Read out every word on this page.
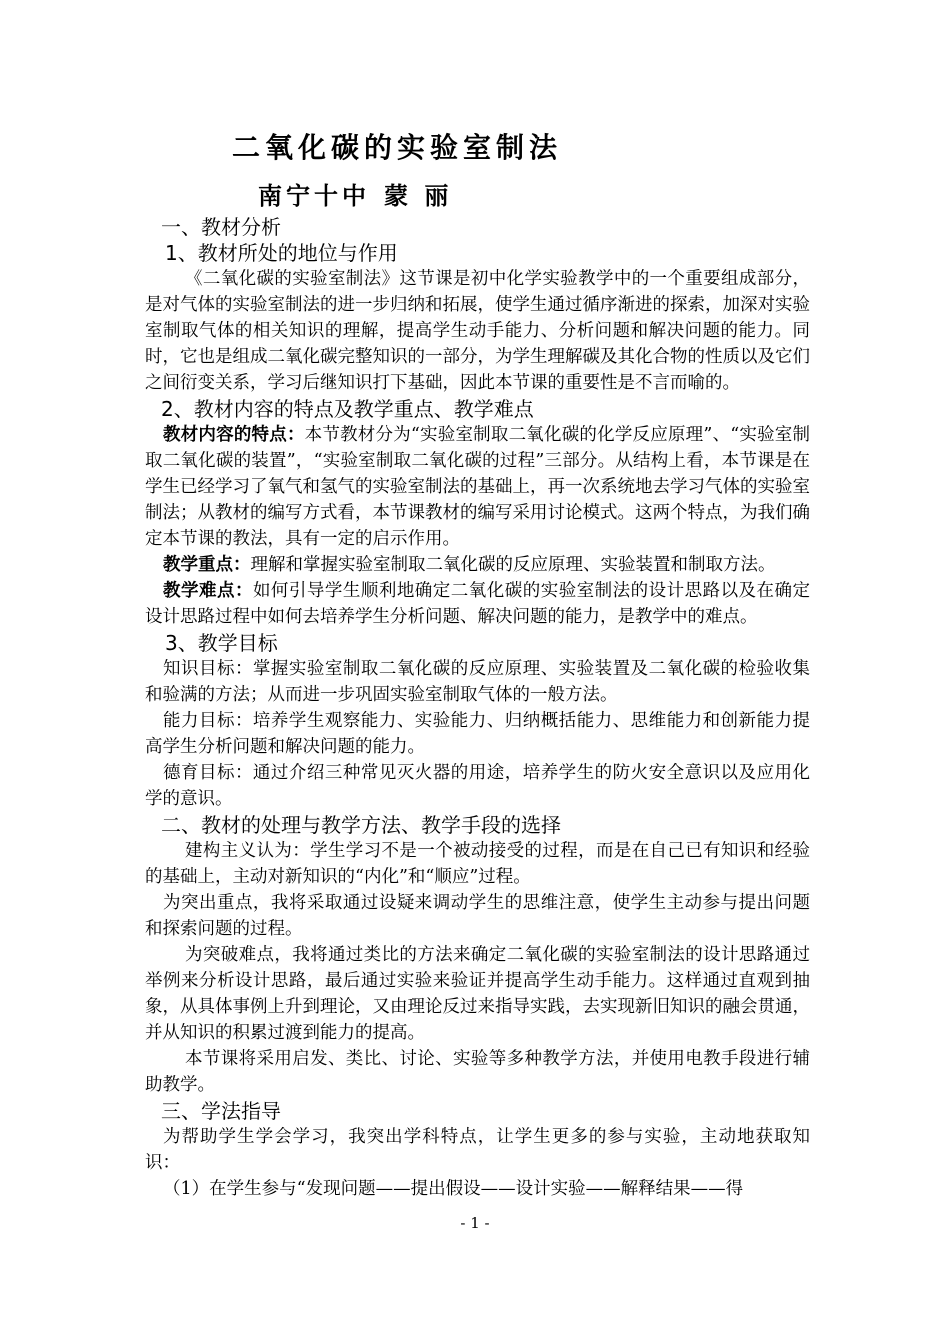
二氧化碳的实验室制法
南宁十中 蒙 丽
一、教材分析
1、教材所处的地位与作用

《二氧化碳的实验室制法》这节课是初中化学实验教学中的一个重要组成部分，是对气体的实验室制法的进一步归纳和拓展，使学生通过循序渐进的探索，加深对实验室制取气体的相关知识的理解，提高学生动手能力、分析问题和解决问题的能力。同时，它也是组成二氧化碳完整知识的一部分，为学生理解碳及其化合物的性质以及它们之间衍变关系，学习后继知识打下基础，因此本节课的重要性是不言而喻的。

2、教材内容的特点及教学重点、教学难点

教材内容的特点：本节教材分为“实验室制取二氧化碳的化学反应原理”、“实验室制取二氧化碳的装置”，“实验室制取二氧化碳的过程”三部分。从结构上看，本节课是在学生已经学习了氧气和氢气的实验室制法的基础上，再一次系统地去学习气体的实验室制法；从教材的编写方式看，本节课教材的编写采用讨论模式。这两个特点，为我们确定本节课的教法，具有一定的启示作用。

教学重点：理解和掌握实验室制取二氧化碳的反应原理、实验装置和制取方法。

教学难点：如何引导学生顺利地确定二氧化碳的实验室制法的设计思路以及在确定设计思路过程中如何去培养学生分析问题、解决问题的能力，是教学中的难点。

3、教学目标

知识目标：掌握实验室制取二氧化碳的反应原理、实验装置及二氧化碳的检验收集和验满的方法；从而进一步巩固实验室制取气体的一般方法。

能力目标：培养学生观察能力、实验能力、归纳概括能力、思维能力和创新能力提高学生分析问题和解决问题的能力。

德育目标：通过介绍三种常见灭火器的用途，培养学生的防火安全意识以及应用化学的意识。

二、教材的处理与教学方法、教学手段的选择

建构主义认为：学生学习不是一个被动接受的过程，而是在自己已有知识和经验的基础上，主动对新知识的“内化”和“顺应”过程。

为突出重点，我将采取通过设疑来调动学生的思维注意，使学生主动参与提出问题和探索问题的过程。

为突破难点，我将通过类比的方法来确定二氧化碳的实验室制法的设计思路通过举例来分析设计思路，最后通过实验来验证并提高学生动手能力。这样通过直观到抽象，从具体事例上升到理论，又由理论反过来指导实践，去实现新旧知识的融会贯通，并从知识的积累过渡到能力的提高。

本节课将采用启发、类比、讨论、实验等多种教学方法，并使用电教手段进行辅助教学。

三、学法指导

为帮助学生学会学习，我突出学科特点，让学生更多的参与实验，主动地获取知识：

（1）在学生参与“发现问题——提出假设——设计实验——解释结果——得

- 1 -
